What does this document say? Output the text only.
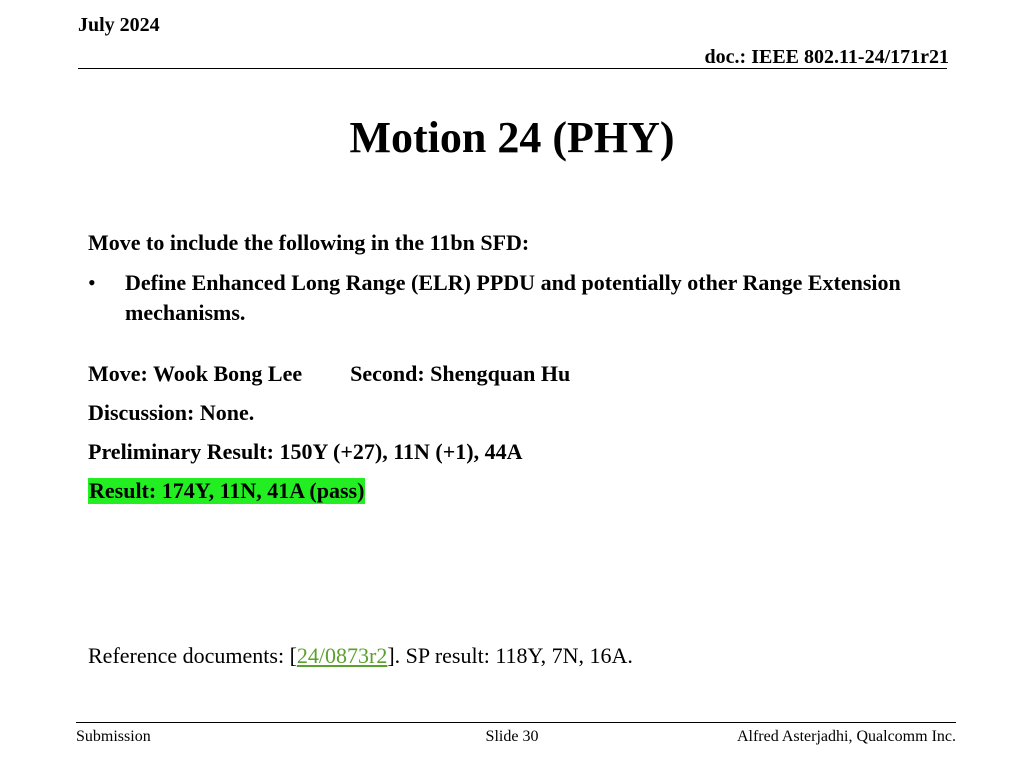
July 2024
doc.: IEEE 802.11-24/171r21
Motion 24 (PHY)

Move to include the following in the 11bn SFD:

• Define Enhanced Long Range (ELR) PPDU and potentially other Range Extension mechanisms.

Move: Wook Bong Lee Second: Shengquan Hu

Discussion: None.

Preliminary Result: 150Y (+27), 11N (+1), 44A

Result: 174Y, 11N, 41A (pass)

Reference documents: [24/0873r2]. SP result: 118Y, 7N, 16A.
Submission	Slide 30	Alfred Asterjadhi, Qualcomm Inc.
